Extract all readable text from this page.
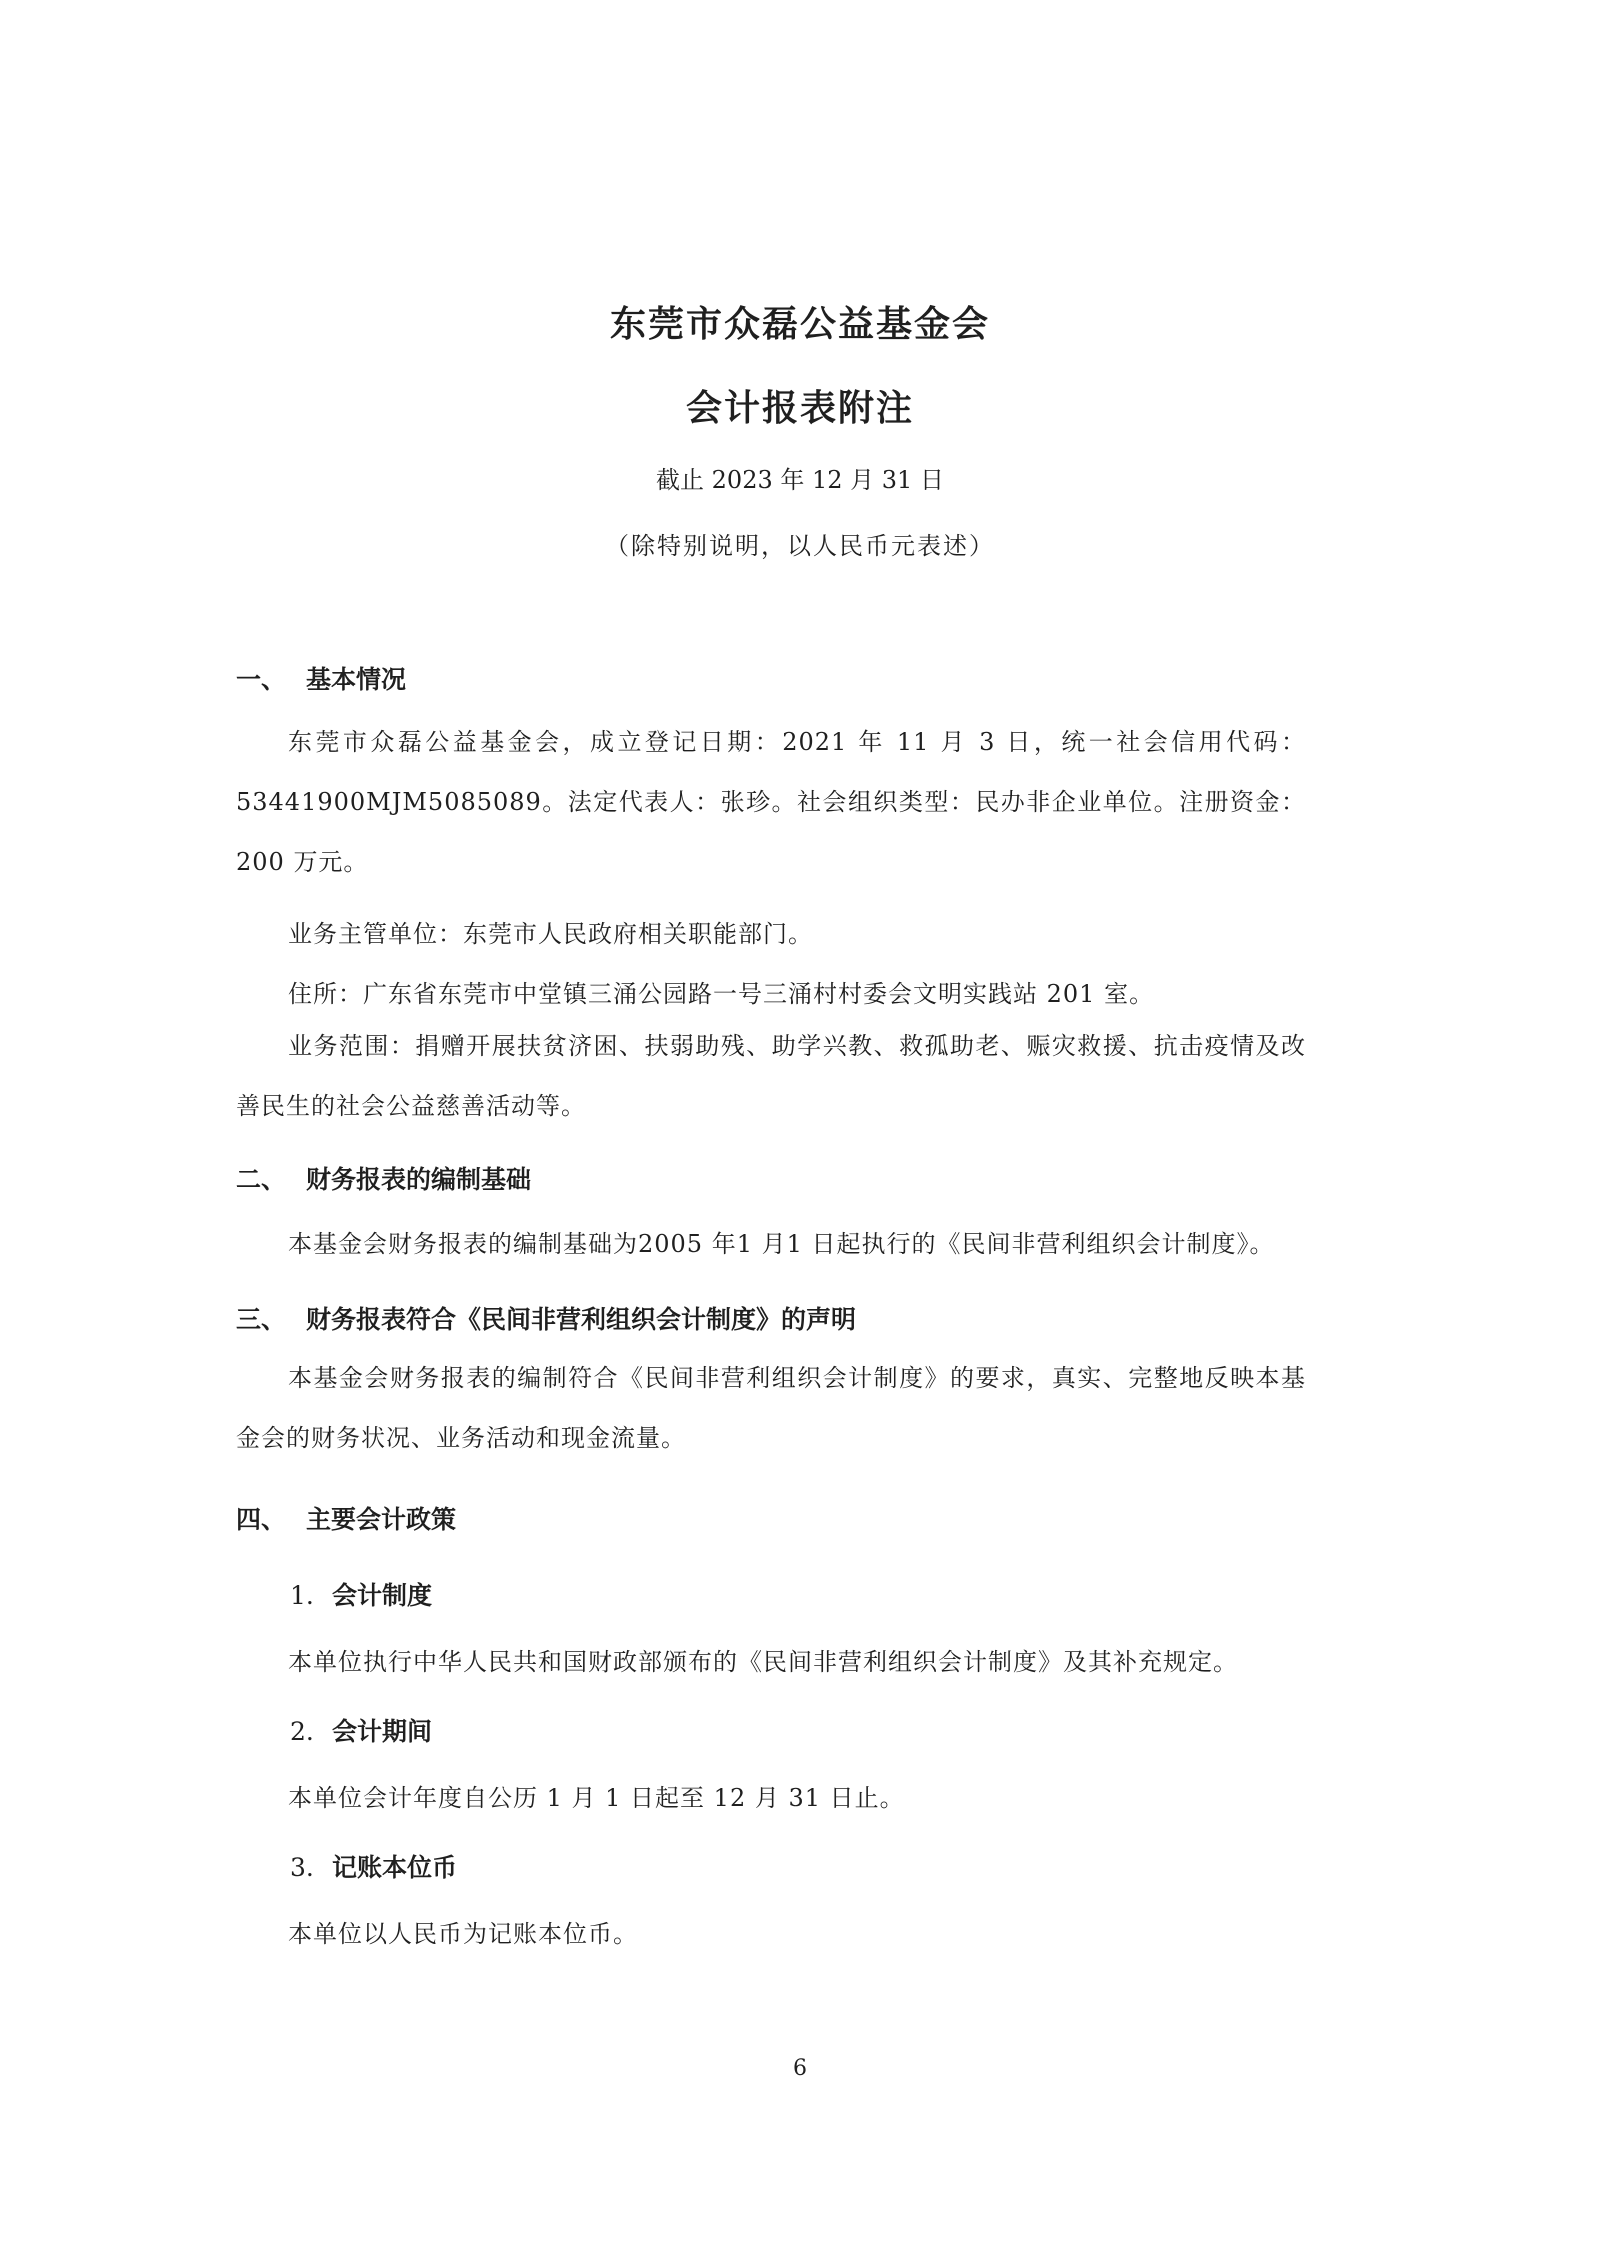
东莞市众磊公益基金会
会计报表附注
截止 2023 年 12 月 31 日
（除特别说明，以人民币元表述）
一、 基本情况
东莞市众磊公益基金会，成立登记日期：2021 年 11 月 3 日，统一社会信用代码：53441900MJM5085089。法定代表人：张珍。社会组织类型：民办非企业单位。注册资金：200 万元。
业务主管单位：东莞市人民政府相关职能部门。
住所：广东省东莞市中堂镇三涌公园路一号三涌村村委会文明实践站 201 室。
业务范围：捐赠开展扶贫济困、扶弱助残、助学兴教、救孤助老、赈灾救援、抗击疫情及改善民生的社会公益慈善活动等。
二、 财务报表的编制基础
本基金会财务报表的编制基础为2005 年1 月1 日起执行的《民间非营利组织会计制度》。
三、 财务报表符合《民间非营利组织会计制度》的声明
本基金会财务报表的编制符合《民间非营利组织会计制度》的要求，真实、完整地反映本基金会的财务状况、业务活动和现金流量。
四、 主要会计政策
1. 会计制度
本单位执行中华人民共和国财政部颁布的《民间非营利组织会计制度》及其补充规定。
2. 会计期间
本单位会计年度自公历 1 月 1 日起至 12 月 31 日止。
3. 记账本位币
本单位以人民币为记账本位币。
6
